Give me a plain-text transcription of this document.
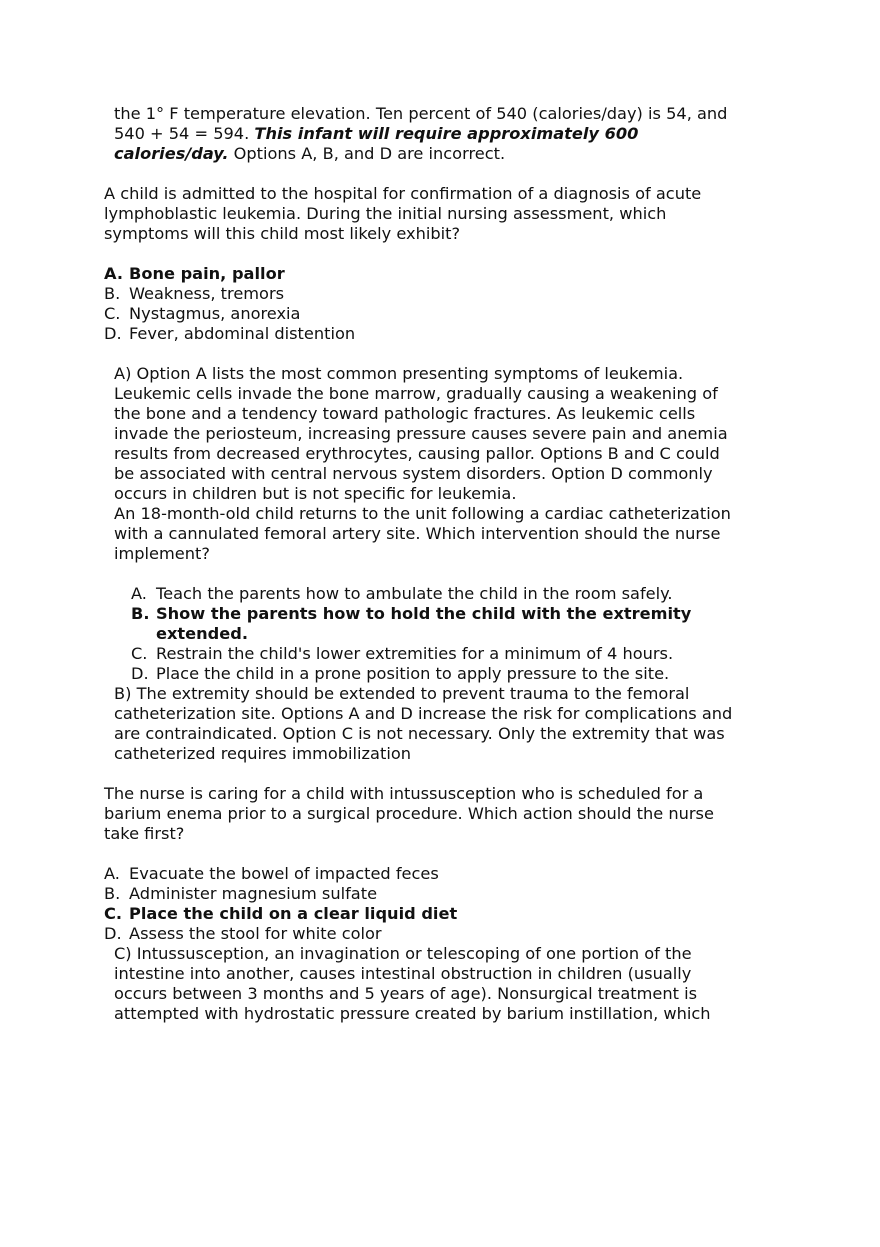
the 1° F temperature elevation. Ten percent of 540 (calories/day) is 54, and
540 + 54 = 594. This infant will require approximately 600
calories/day. Options A, B, and D are incorrect.
A child is admitted to the hospital for confirmation of a diagnosis of acute
lymphoblastic leukemia. During the initial nursing assessment, which
symptoms will this child most likely exhibit?
A. Bone pain, pallor
B. Weakness, tremors
C. Nystagmus, anorexia
D. Fever, abdominal distention
A) Option A lists the most common presenting symptoms of leukemia.
Leukemic cells invade the bone marrow, gradually causing a weakening of
the bone and a tendency toward pathologic fractures. As leukemic cells
invade the periosteum, increasing pressure causes severe pain and anemia
results from decreased erythrocytes, causing pallor. Options B and C could
be associated with central nervous system disorders. Option D commonly
occurs in children but is not specific for leukemia.
An 18-month-old child returns to the unit following a cardiac catheterization
with a cannulated femoral artery site. Which intervention should the nurse
implement?
A. Teach the parents how to ambulate the child in the room safely.
B. Show the parents how to hold the child with the extremity
extended.
C. Restrain the child's lower extremities for a minimum of 4 hours.
D. Place the child in a prone position to apply pressure to the site.
B) The extremity should be extended to prevent trauma to the femoral
catheterization site. Options A and D increase the risk for complications and
are contraindicated. Option C is not necessary. Only the extremity that was
catheterized requires immobilization
The nurse is caring for a child with intussusception who is scheduled for a
barium enema prior to a surgical procedure. Which action should the nurse
take first?
A. Evacuate the bowel of impacted feces
B. Administer magnesium sulfate
C. Place the child on a clear liquid diet
D. Assess the stool for white color
C) Intussusception, an invagination or telescoping of one portion of the
intestine into another, causes intestinal obstruction in children (usually
occurs between 3 months and 5 years of age). Nonsurgical treatment is
attempted with hydrostatic pressure created by barium instillation, which
